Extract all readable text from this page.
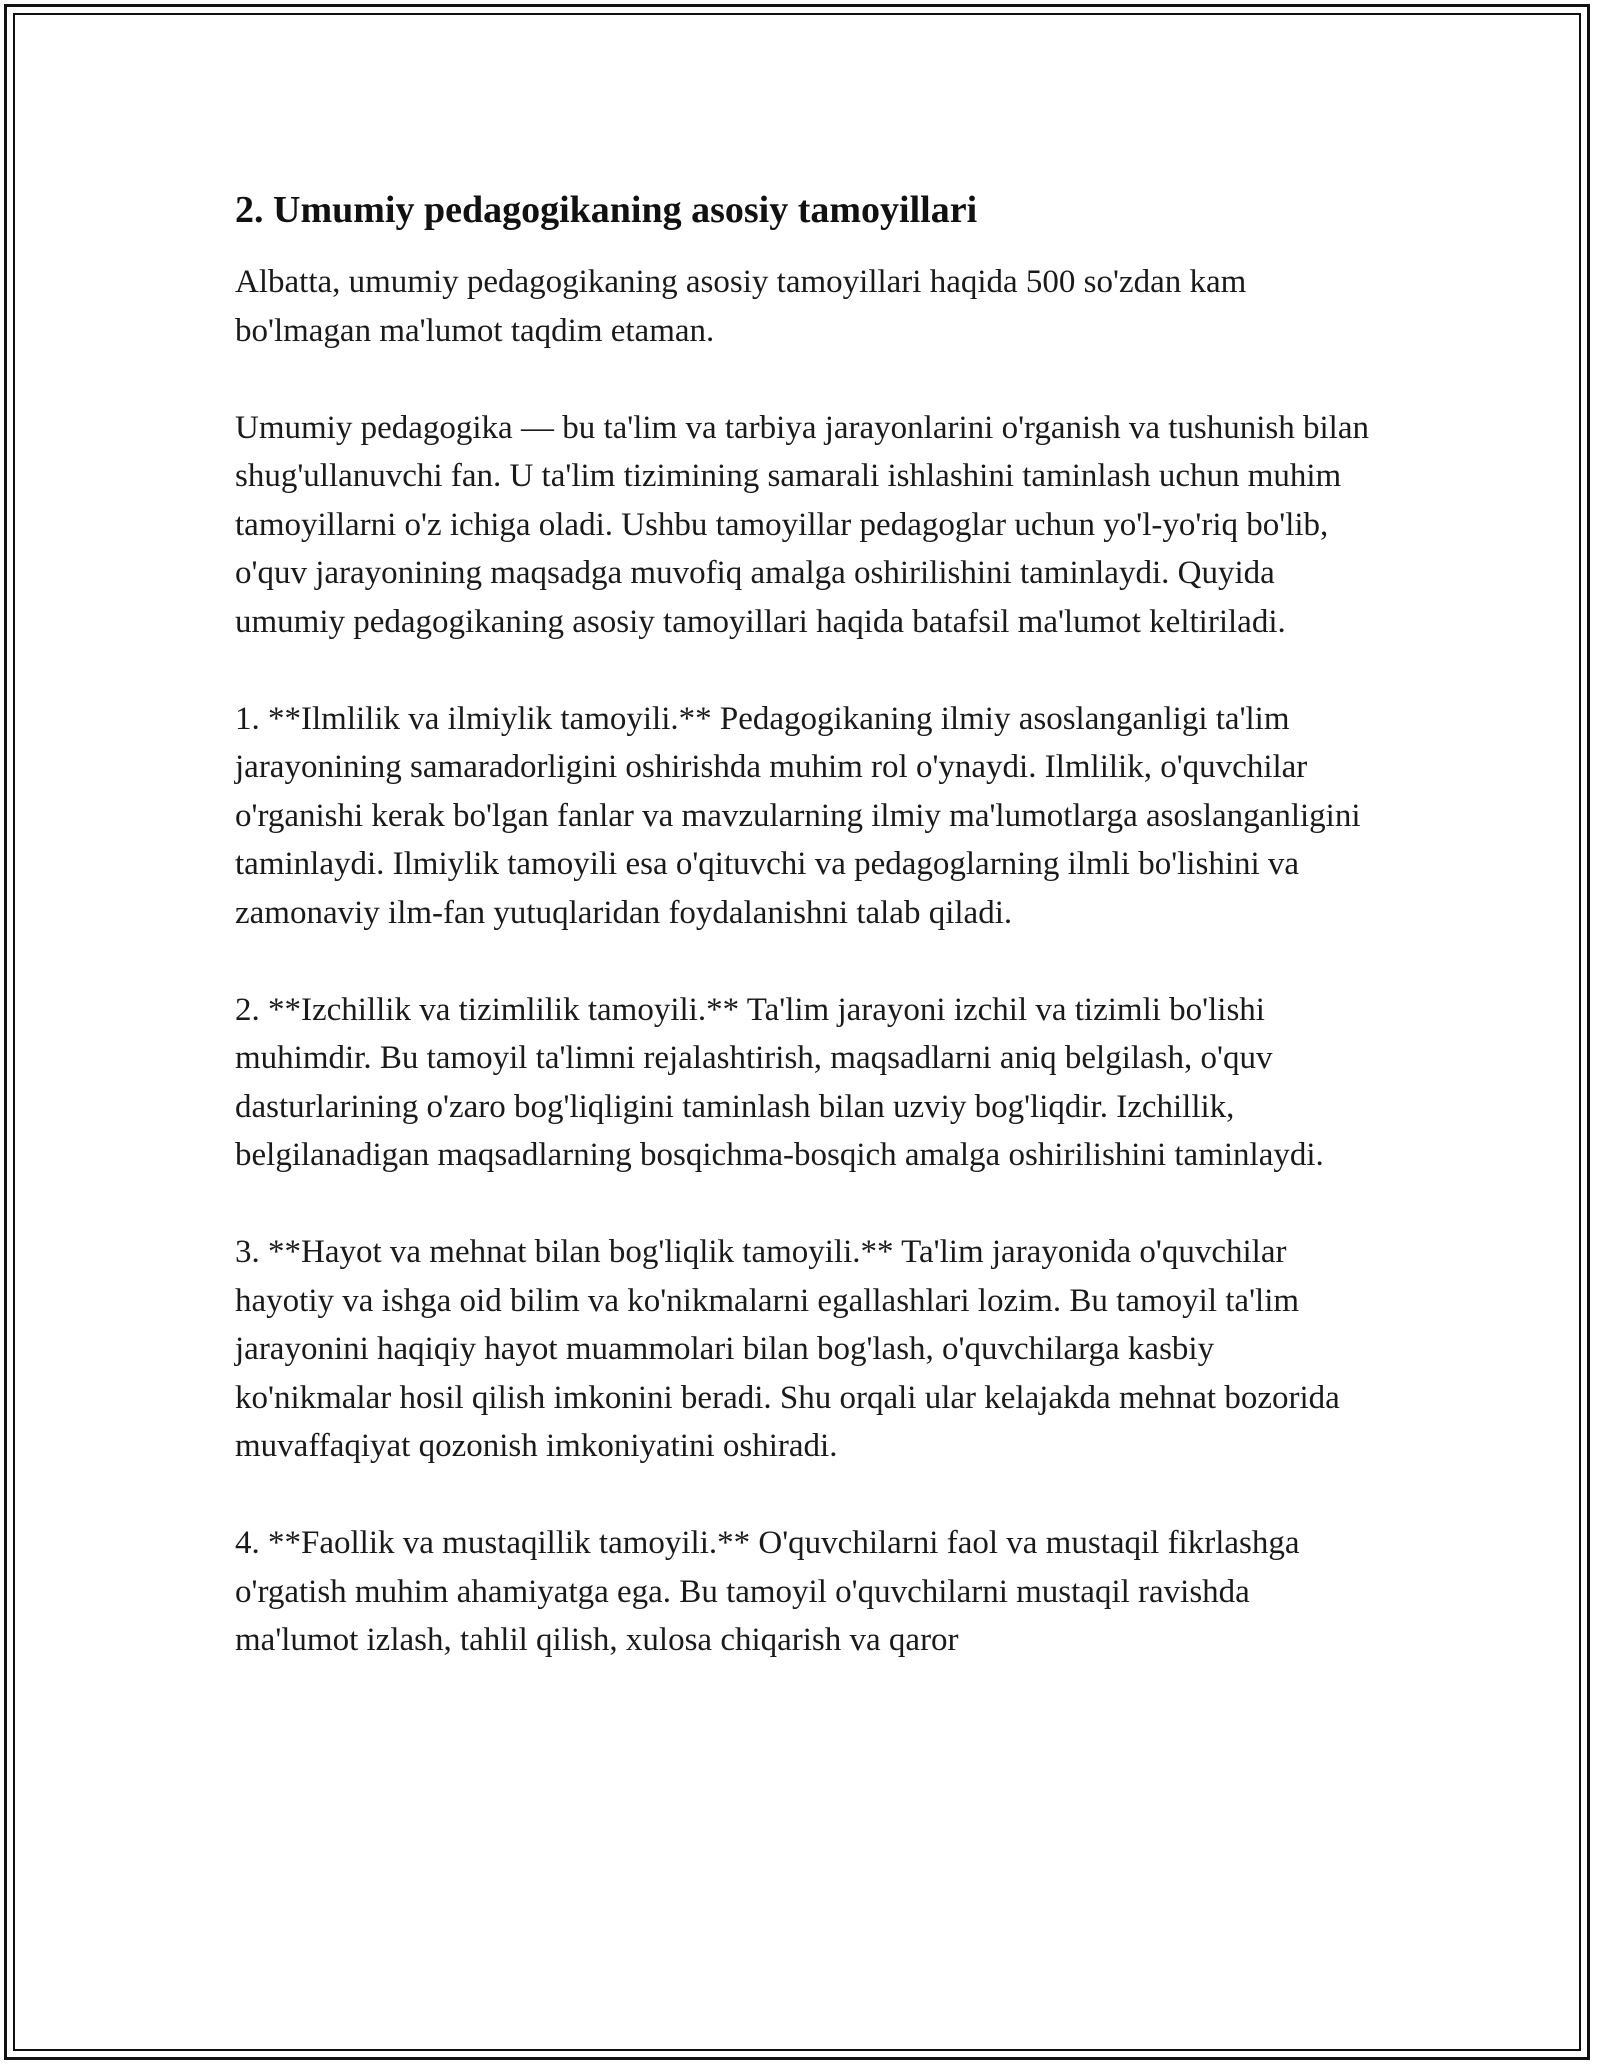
2. Umumiy pedagogikaning asosiy tamoyillari

Albatta, umumiy pedagogikaning asosiy tamoyillari haqida 500 so'zdan kam bo'lmagan ma'lumot taqdim etaman.

Umumiy pedagogika — bu ta'lim va tarbiya jarayonlarini o'rganish va tushunish bilan shug'ullanuvchi fan. U ta'lim tizimining samarali ishlashini taminlash uchun muhim tamoyillarni o'z ichiga oladi. Ushbu tamoyillar pedagoglar uchun yo'l-yo'riq bo'lib, o'quv jarayonining maqsadga muvofiq amalga oshirilishini taminlaydi. Quyida umumiy pedagogikaning asosiy tamoyillari haqida batafsil ma'lumot keltiriladi.

1. **Ilmlilik va ilmiylik tamoyili.** Pedagogikaning ilmiy asoslanganligi ta'lim jarayonining samaradorligini oshirishda muhim rol o'ynaydi. Ilmlilik, o'quvchilar o'rganishi kerak bo'lgan fanlar va mavzularning ilmiy ma'lumotlarga asoslanganligini taminlaydi. Ilmiylik tamoyili esa o'qituvchi va pedagoglarning ilmli bo'lishini va zamonaviy ilm-fan yutuqlaridan foydalanishni talab qiladi.

2. **Izchillik va tizimlilik tamoyili.** Ta'lim jarayoni izchil va tizimli bo'lishi muhimdir. Bu tamoyil ta'limni rejalashtirish, maqsadlarni aniq belgilash, o'quv dasturlarining o'zaro bog'liqligini taminlash bilan uzviy bog'liqdir. Izchillik, belgilanadigan maqsadlarning bosqichma-bosqich amalga oshirilishini taminlaydi.

3. **Hayot va mehnat bilan bog'liqlik tamoyili.** Ta'lim jarayonida o'quvchilar hayotiy va ishga oid bilim va ko'nikmalarni egallashlari lozim. Bu tamoyil ta'lim jarayonini haqiqiy hayot muammolari bilan bog'lash, o'quvchilarga kasbiy ko'nikmalar hosil qilish imkonini beradi. Shu orqali ular kelajakda mehnat bozorida muvaffaqiyat qozonish imkoniyatini oshiradi.

4. **Faollik va mustaqillik tamoyili.** O'quvchilarni faol va mustaqil fikrlashga o'rgatish muhim ahamiyatga ega. Bu tamoyil o'quvchilarni mustaqil ravishda ma'lumot izlash, tahlil qilish, xulosa chiqarish va qaror
